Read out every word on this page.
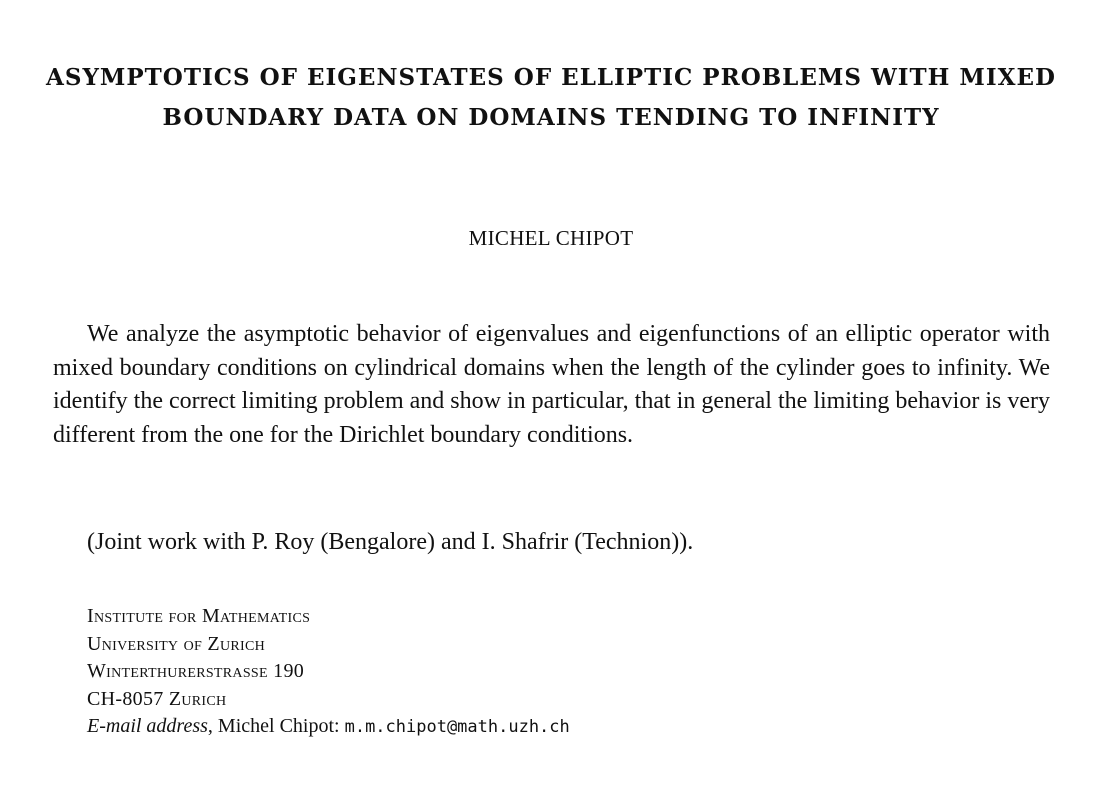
ASYMPTOTICS OF EIGENSTATES OF ELLIPTIC PROBLEMS WITH MIXED BOUNDARY DATA ON DOMAINS TENDING TO INFINITY

MICHEL CHIPOT

We analyze the asymptotic behavior of eigenvalues and eigenfunctions of an elliptic operator with mixed boundary conditions on cylindrical domains when the length of the cylinder goes to infinity. We identify the correct limiting problem and show in particular, that in general the limiting behavior is very different from the one for the Dirichlet boundary conditions.

(Joint work with P. Roy (Bengalore) and I. Shafrir (Technion)).

Institute for Mathematics
University of Zurich
Winterthurerstrasse 190
CH-8057 Zurich
E-mail address, Michel Chipot: m.m.chipot@math.uzh.ch
